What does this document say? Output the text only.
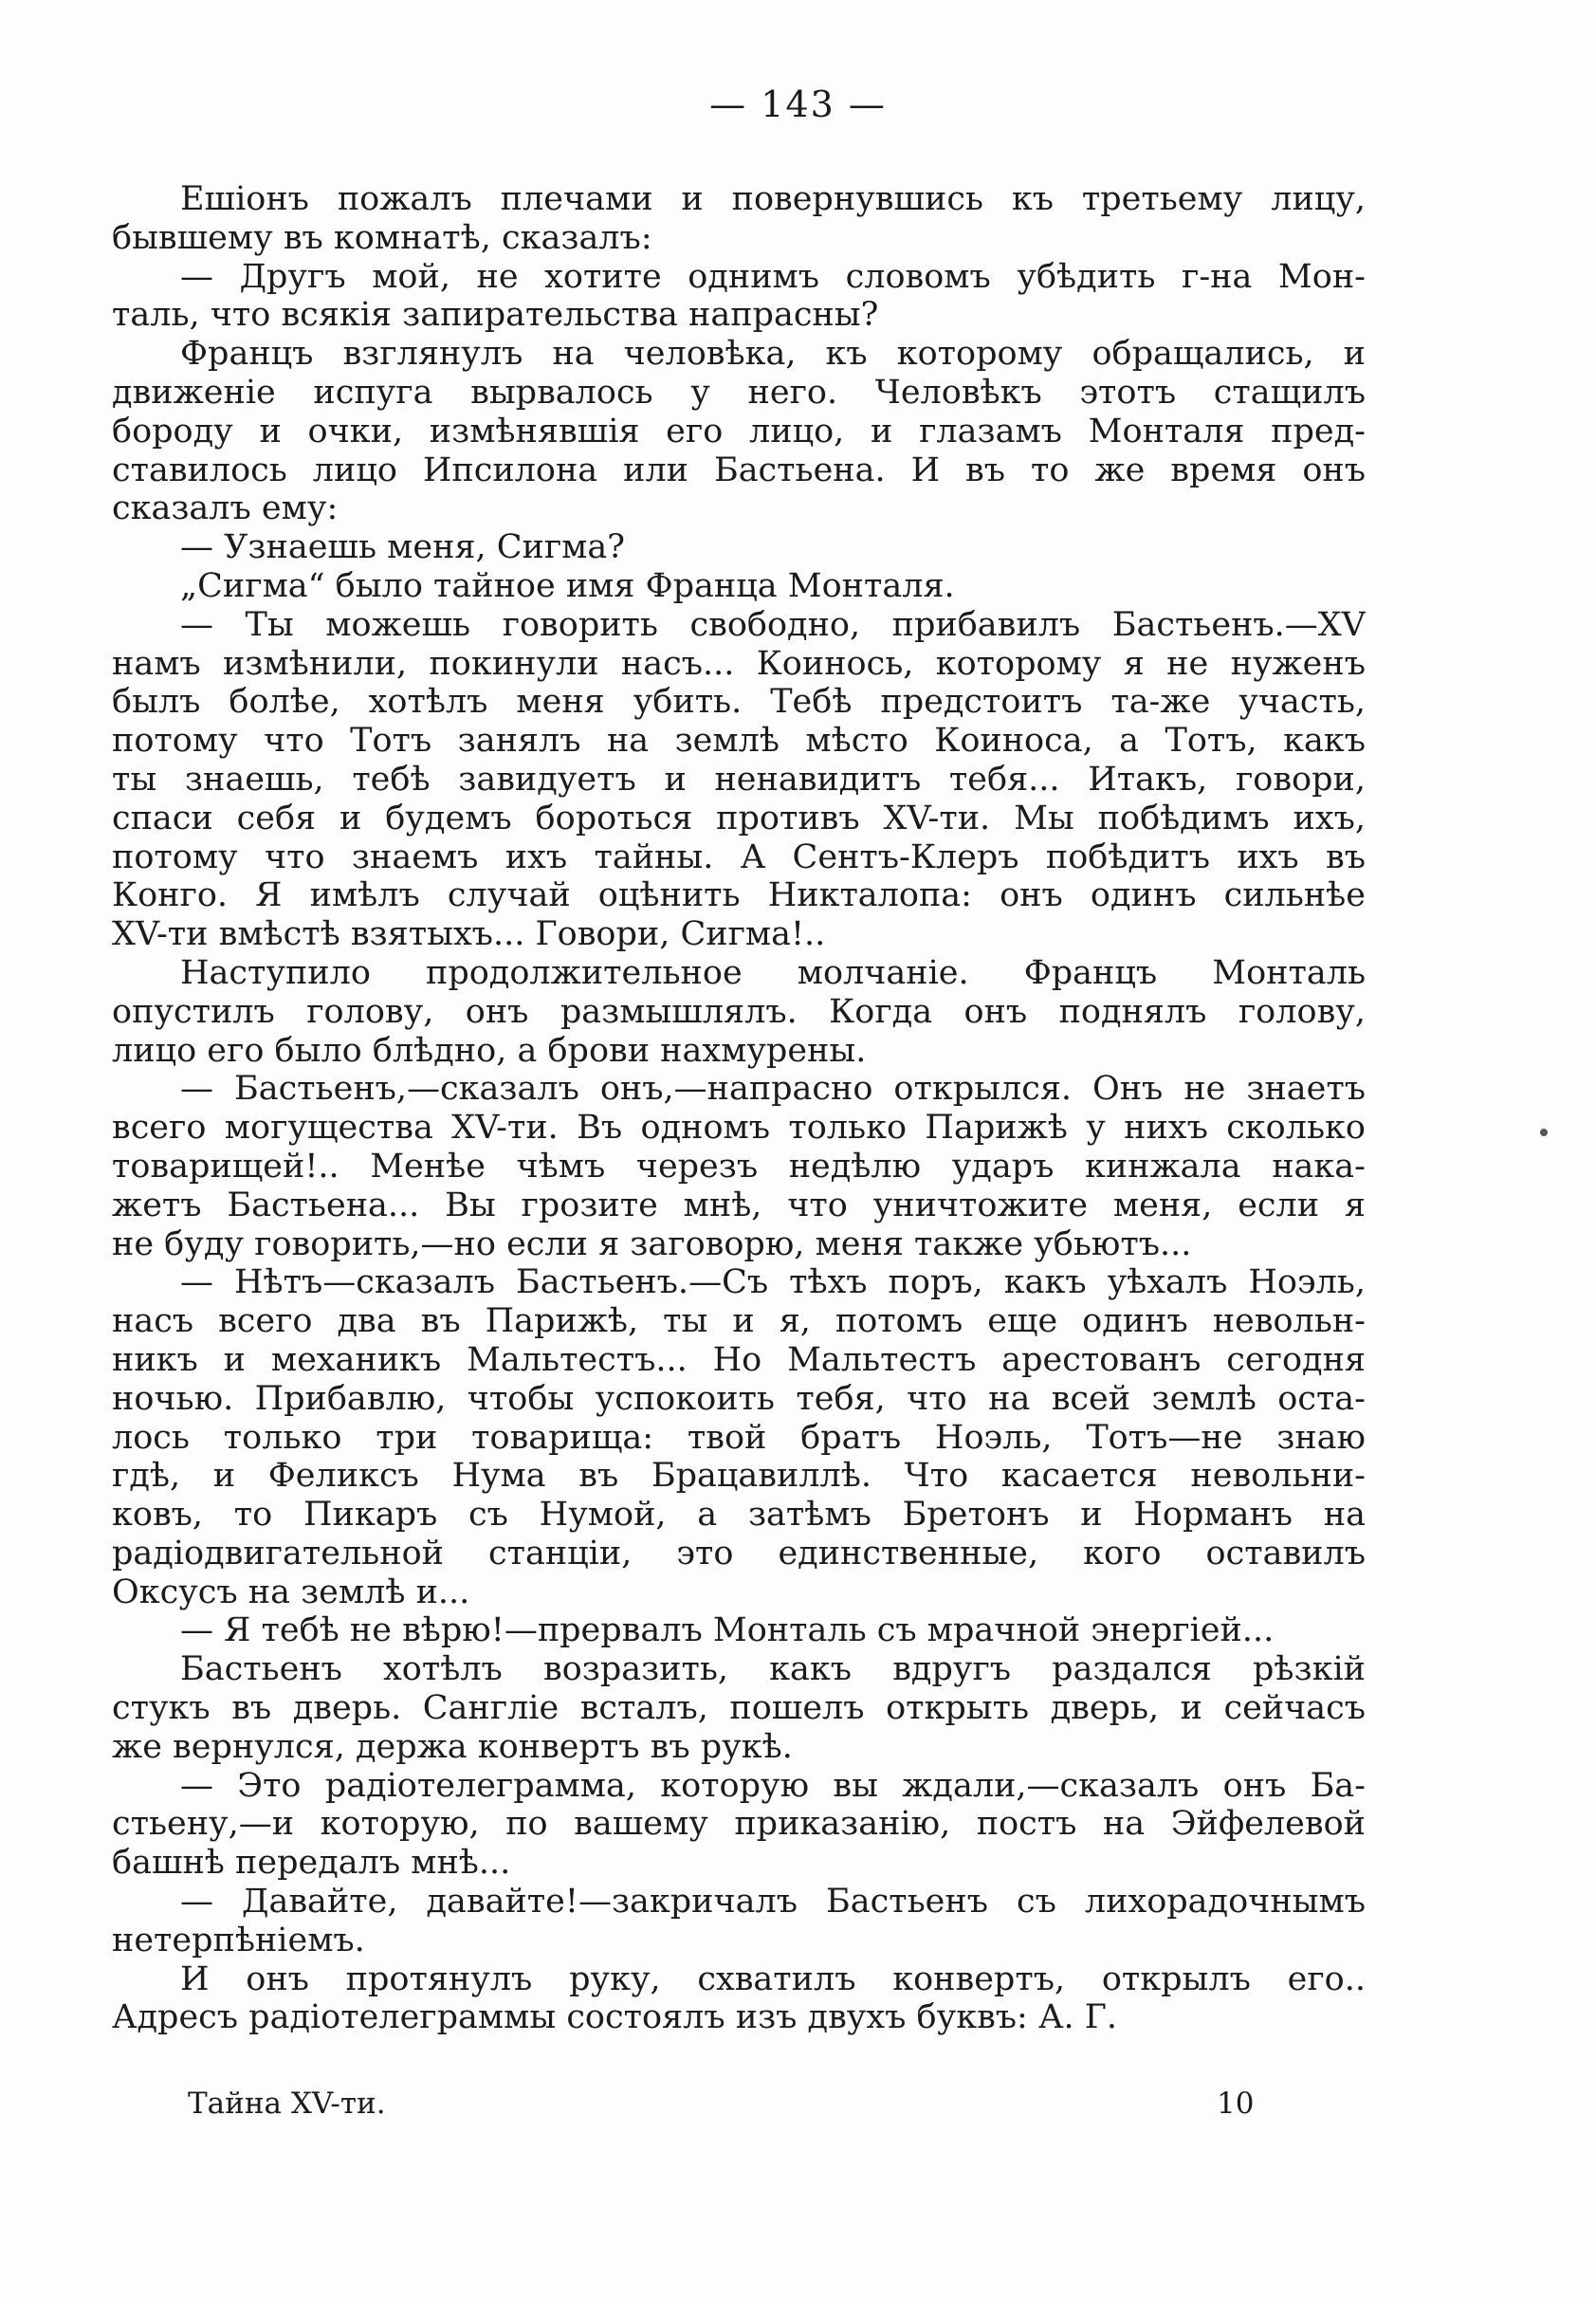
— 143 —
Ешіонъ пожалъ плечами и повернувшись къ третьему лицу,
бывшему въ комнатѣ, сказалъ:
— Другъ мой, не хотите однимъ словомъ убѣдить г-на Мон-
таль, что всякія запирательства напрасны?
Францъ взглянулъ на человѣка, къ которому обращались, и
движеніе испуга вырвалось у него. Человѣкъ этотъ стащилъ
бороду и очки, измѣнявшія его лицо, и глазамъ Монталя пред-
ставилось лицо Ипсилона или Бастьена. И въ то же время онъ
сказалъ ему:
— Узнаешь меня, Сигма?
„Сигма“ было тайное имя Франца Монталя.
— Ты можешь говорить свободно, прибавилъ Бастьенъ.—XV
намъ измѣнили, покинули насъ... Коинось, которому я не нуженъ
былъ болѣе, хотѣлъ меня убить. Тебѣ предстоитъ та-же участь,
потому что Тотъ занялъ на землѣ мѣсто Коиноса, а Тотъ, какъ
ты знаешь, тебѣ завидуетъ и ненавидитъ тебя... Итакъ, говори,
спаси себя и будемъ бороться противъ XV-ти. Мы побѣдимъ ихъ,
потому что знаемъ ихъ тайны. А Сентъ-Клеръ побѣдитъ ихъ въ
Конго. Я имѣлъ случай оцѣнить Никталопа: онъ одинъ сильнѣе
XV-ти вмѣстѣ взятыхъ... Говори, Сигма!..
Наступило продолжительное молчаніе. Францъ Монталь
опустилъ голову, онъ размышлялъ. Когда онъ поднялъ голову,
лицо его было блѣдно, а брови нахмурены.
— Бастьенъ,—сказалъ онъ,—напрасно открылся. Онъ не знаетъ
всего могущества XV-ти. Въ одномъ только Парижѣ у нихъ сколько
товарищей!.. Менѣе чѣмъ черезъ недѣлю ударъ кинжала нака-
жетъ Бастьена... Вы грозите мнѣ, что уничтожите меня, если я
не буду говорить,—но если я заговорю, меня также убьютъ...
— Нѣтъ—сказалъ Бастьенъ.—Съ тѣхъ поръ, какъ уѣхалъ Ноэль,
насъ всего два въ Парижѣ, ты и я, потомъ еще одинъ невольн-
никъ и механикъ Мальтестъ... Но Мальтестъ арестованъ сегодня
ночью. Прибавлю, чтобы успокоить тебя, что на всей землѣ оста-
лось только три товарища: твой братъ Ноэль, Тотъ—не знаю
гдѣ, и Феликсъ Нума въ Брацавиллѣ. Что касается невольни-
ковъ, то Пикаръ съ Нумой, а затѣмъ Бретонъ и Норманъ на
радіодвигательной станціи, это единственные, кого оставилъ
Оксусъ на землѣ и...
— Я тебѣ не вѣрю!—прервалъ Монталь съ мрачной энергіей...
Бастьенъ хотѣлъ возразить, какъ вдругъ раздался рѣзкій
стукъ въ дверь. Санглie всталъ, пошелъ открыть дверь, и сейчасъ
же вернулся, держа конвертъ въ рукѣ.
— Это радіотелеграмма, которую вы ждали,—сказалъ онъ Ба-
стьену,—и которую, по вашему приказанію, постъ на Эйфелевой
башнѣ передалъ мнѣ...
— Давайте, давайте!—закричалъ Бастьенъ съ лихорадочнымъ
нетерпѣніемъ.
И онъ протянулъ руку, схватилъ конвертъ, открылъ его..
Адресъ радіотелеграммы состоялъ изъ двухъ буквъ: А. Г.
Тайна XV-ти.	10
